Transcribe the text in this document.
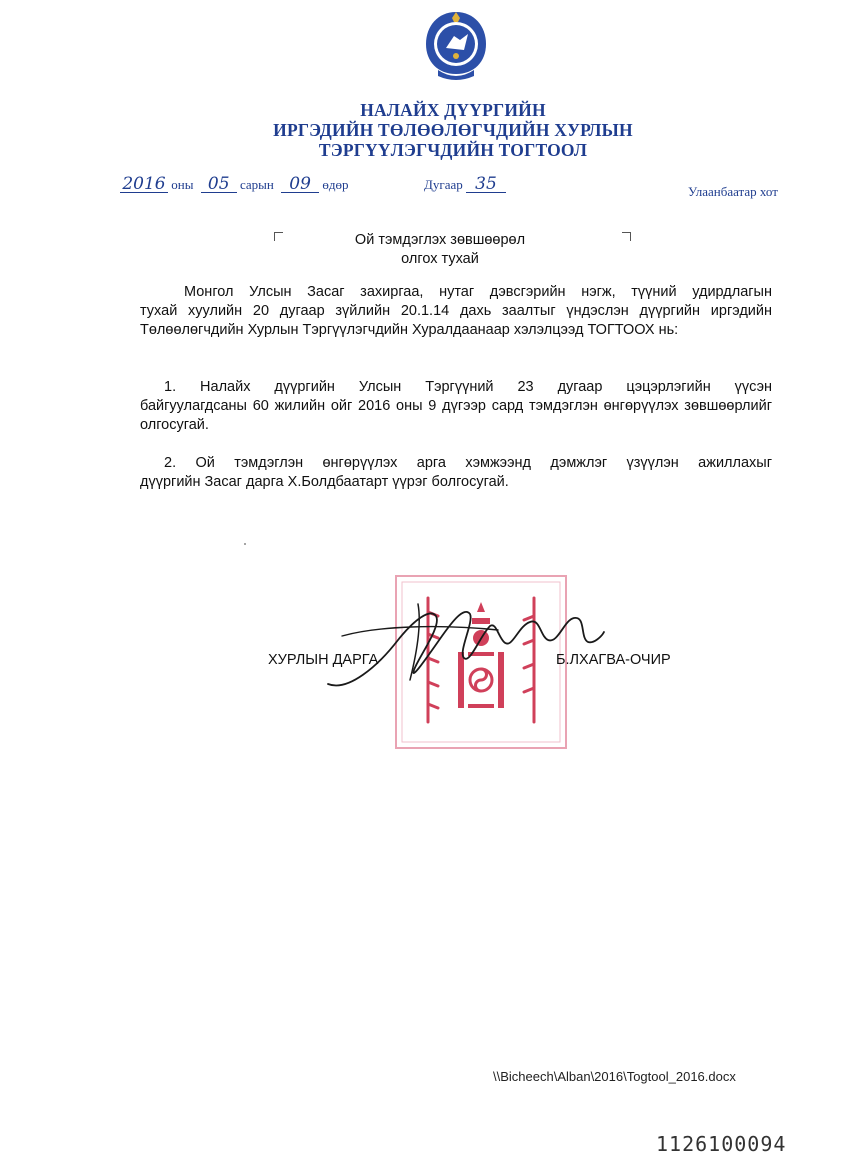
НАЛАЙХ ДҮҮРГИЙН
ИРГЭДИЙН ТӨЛӨӨЛӨГЧДИЙН ХУРЛЫН
ТЭРГҮҮЛЭГЧДИЙН ТОГТООЛ
2016 оны 05 сарын 09 өдөр	Дугаар 35	Улаанбаатар хот
Ой тэмдэглэх зөвшөөрөл
олгох тухай
Монгол Улсын Засаг захиргаа, нутаг дэвсгэрийн нэгж, түүний удирдлагын
тухай хуулийн 20 дугаар зүйлийн 20.1.14 дахь заалтыг үндэслэн дүүргийн иргэдийн Төлөөлөгчдийн Хурлын Тэргүүлэгчдийн Хуралдаанаар хэлэлцээд ТОГТООХ нь:
1. Налайх дүүргийн Улсын Тэргүүний 23 дугаар цэцэрлэгийн үүсэн
байгуулагдсаны 60 жилийн ойг 2016 оны 9 дүгээр сард тэмдэглэн өнгөрүүлэх зөвшөөрлийг олгосугай.
2. Ой тэмдэглэн өнгөрүүлэх арга хэмжээнд дэмжлэг үзүүлэн ажиллахыг
дүүргийн Засаг дарга Х.Болдбаатарт үүрэг болгосугай.
ХУРЛЫН ДАРГА	Б.ЛХАГВА-ОЧИР
\\Bicheech\Alban\2016\Togtool_2016.docx
1126100094
